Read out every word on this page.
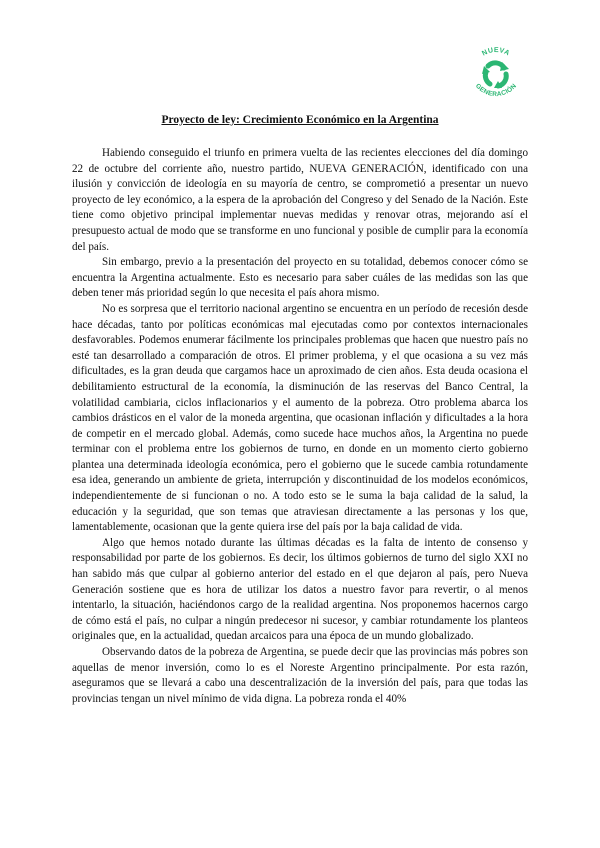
NUEVA
GENERACIÓN
Proyecto de ley: Crecimiento Económico en la Argentina

Habiendo conseguido el triunfo en primera vuelta de las recientes elecciones del día domingo 22 de octubre del corriente año, nuestro partido, NUEVA GENERACIÓN, identificado con una ilusión y convicción de ideología en su mayoría de centro, se comprometió a presentar un nuevo proyecto de ley económico, a la espera de la aprobación del Congreso y del Senado de la Nación. Este tiene como objetivo principal implementar nuevas medidas y renovar otras, mejorando así el presupuesto actual de modo que se transforme en uno funcional y posible de cumplir para la economía del país.

Sin embargo, previo a la presentación del proyecto en su totalidad, debemos conocer cómo se encuentra la Argentina actualmente. Esto es necesario para saber cuáles de las medidas son las que deben tener más prioridad según lo que necesita el país ahora mismo.

No es sorpresa que el territorio nacional argentino se encuentra en un período de recesión desde hace décadas, tanto por políticas económicas mal ejecutadas como por contextos internacionales desfavorables. Podemos enumerar fácilmente los principales problemas que hacen que nuestro país no esté tan desarrollado a comparación de otros. El primer problema, y el que ocasiona a su vez más dificultades, es la gran deuda que cargamos hace un aproximado de cien años. Esta deuda ocasiona el debilitamiento estructural de la economía, la disminución de las reservas del Banco Central, la volatilidad cambiaria, ciclos inflacionarios y el aumento de la pobreza. Otro problema abarca los cambios drásticos en el valor de la moneda argentina, que ocasionan inflación y dificultades a la hora de competir en el mercado global. Además, como sucede hace muchos años, la Argentina no puede terminar con el problema entre los gobiernos de turno, en donde en un momento cierto gobierno plantea una determinada ideología económica, pero el gobierno que le sucede cambia rotundamente esa idea, generando un ambiente de grieta, interrupción y discontinuidad de los modelos económicos, independientemente de si funcionan o no. A todo esto se le suma la baja calidad de la salud, la educación y la seguridad, que son temas que atraviesan directamente a las personas y los que, lamentablemente, ocasionan que la gente quiera irse del país por la baja calidad de vida.

Algo que hemos notado durante las últimas décadas es la falta de intento de consenso y responsabilidad por parte de los gobiernos. Es decir, los últimos gobiernos de turno del siglo XXI no han sabido más que culpar al gobierno anterior del estado en el que dejaron al país, pero Nueva Generación sostiene que es hora de utilizar los datos a nuestro favor para revertir, o al menos intentarlo, la situación, haciéndonos cargo de la realidad argentina. Nos proponemos hacernos cargo de cómo está el país, no culpar a ningún predecesor ni sucesor, y cambiar rotundamente los planteos originales que, en la actualidad, quedan arcaicos para una época de un mundo globalizado.

Observando datos de la pobreza de Argentina, se puede decir que las provincias más pobres son aquellas de menor inversión, como lo es el Noreste Argentino principalmente. Por esta razón, aseguramos que se llevará a cabo una descentralización de la inversión del país, para que todas las provincias tengan un nivel mínimo de vida digna. La pobreza ronda el 40%
